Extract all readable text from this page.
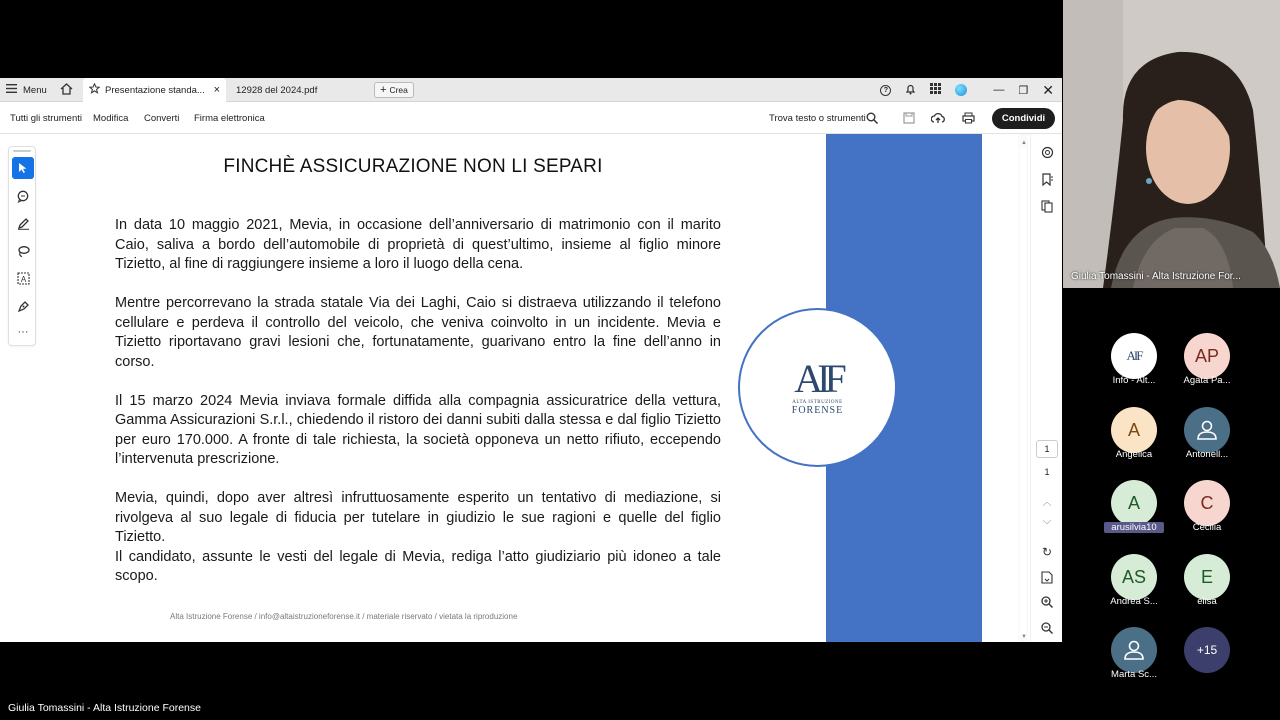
Menu	Presentazione standa... × 12928 del 2024.pdf	+ Crea	?	— ❐ ✕
Tutti gli strumenti Modifica Converti Firma elettronica	Trova testo o strumenti	Condividi
A
···
FINCHÈ ASSICURAZIONE NON LI SEPARI

In data 10 maggio 2021, Mevia, in occasione dell’anniversario di matrimonio con il marito Caio, saliva a bordo dell’automobile di proprietà di quest’ultimo, insieme al figlio minore Tizietto, al fine di raggiungere insieme a loro il luogo della cena.

Mentre percorrevano la strada statale Via dei Laghi, Caio si distraeva utilizzando il telefono cellulare e perdeva il controllo del veicolo, che veniva coinvolto in un incidente. Mevia e Tizietto riportavano gravi lesioni che, fortunatamente, guarivano entro la fine dell’anno in corso.

Il 15 marzo 2024 Mevia inviava formale diffida alla compagnia assicuratrice della vettura, Gamma Assicurazioni S.r.l., chiedendo il ristoro dei danni subiti dalla stessa e dal figlio Tizietto per euro 170.000. A fronte di tale richiesta, la società opponeva un netto rifiuto, eccependo l’intervenuta prescrizione.

Mevia, quindi, dopo aver altresì infruttuosamente esperito un tentativo di mediazione, si rivolgeva al suo legale di fiducia per tutelare in giudizio le sue ragioni e quelle del figlio Tizietto.

Il candidato, assunte le vesti del legale di Mevia, rediga l’atto giudiziario più idoneo a tale scopo.

Alta Istruzione Forense / info@altaistruzioneforense.it / materiale riservato / vietata la riproduzione
AIF
ALTA ISTRUZIONE
FORENSE
▲
▼
1
1
︿
﹀
↻
Giulia Tomassini - Alta Istruzione For...
AIF
Info - Alt...
AP
Agata Pa...
A
Angelica	Antonell...
A
arusilvia10
C
Cecilia
AS
Andrea S...
E
elisa
Marta Sc...
+15
Giulia Tomassini - Alta Istruzione Forense
